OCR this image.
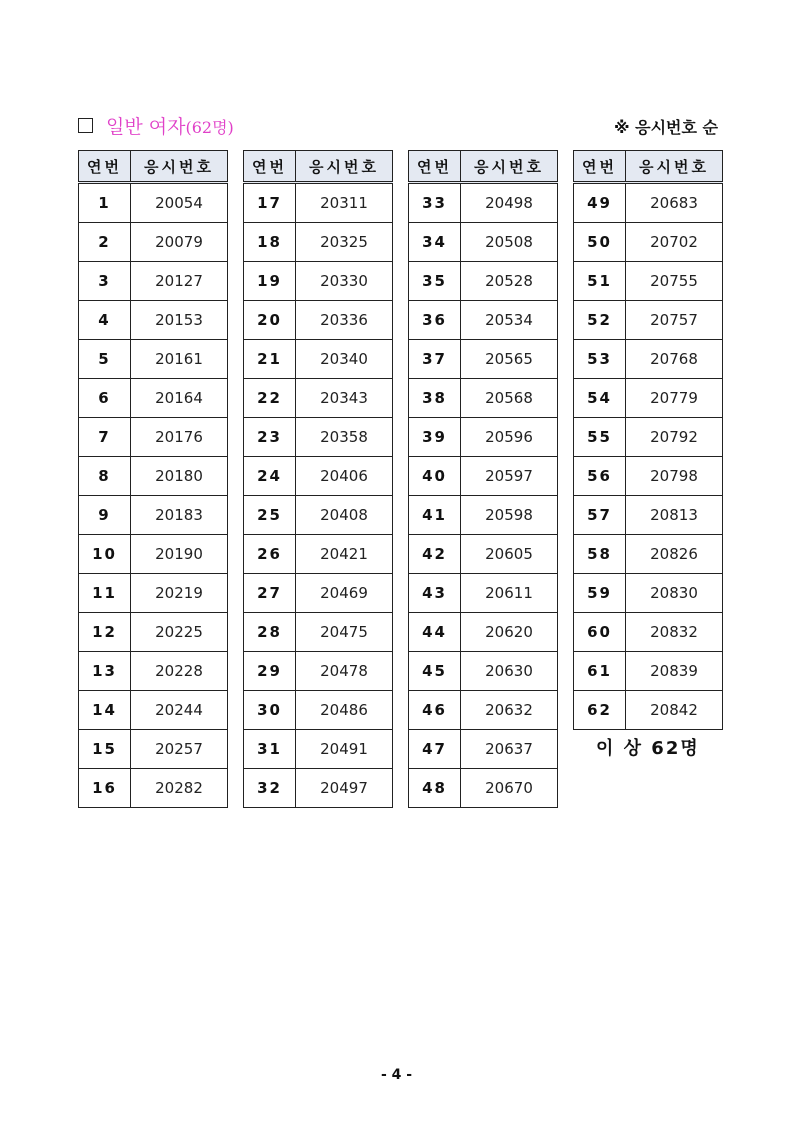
일반 여자(62명)	※ 응시번호 순
연번	응시번호
1	20054
2	20079
3	20127
4	20153
5	20161
6	20164
7	20176
8	20180
9	20183
10	20190
11	20219
12	20225
13	20228
14	20244
15	20257
16	20282
연번	응시번호
17	20311
18	20325
19	20330
20	20336
21	20340
22	20343
23	20358
24	20406
25	20408
26	20421
27	20469
28	20475
29	20478
30	20486
31	20491
32	20497
연번	응시번호
33	20498
34	20508
35	20528
36	20534
37	20565
38	20568
39	20596
40	20597
41	20598
42	20605
43	20611
44	20620
45	20630
46	20632
47	20637
48	20670
연번	응시번호
49	20683
50	20702
51	20755
52	20757
53	20768
54	20779
55	20792
56	20798
57	20813
58	20826
59	20830
60	20832
61	20839
62	20842
이 상 62명
- 4 -
